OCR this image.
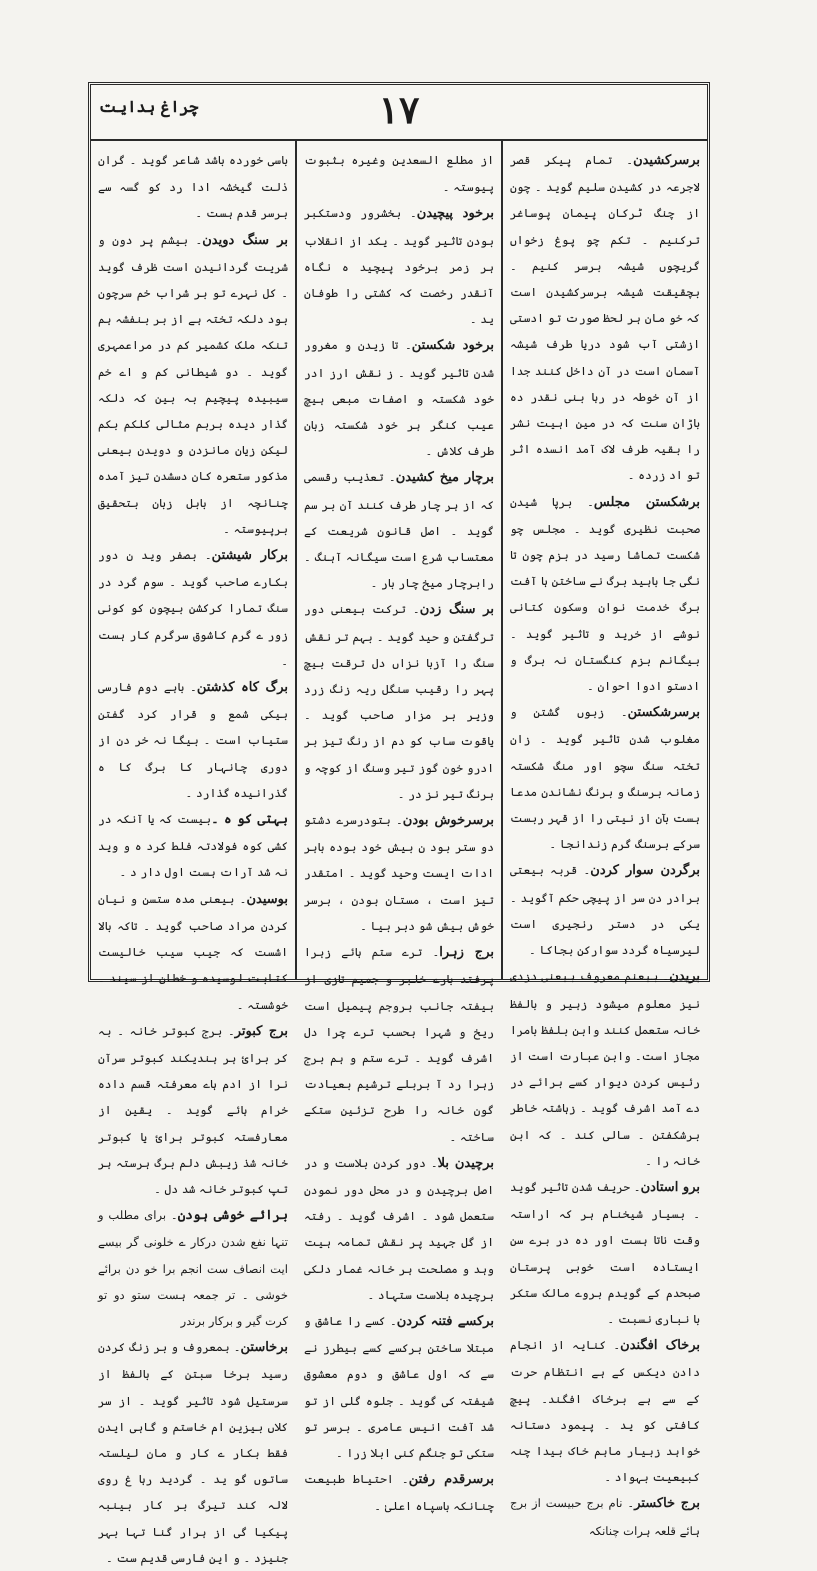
۱۷
چراغ ہدایت

برسرکشیدن۔ تمام پیکر قصر لاجرعہ در کشیدن سلیم گوید ۔ چون از چنگ ٹرکان پیمان پوساغر ترکنیم ۔ تکم چو پوغ زخواں گریچوں شیشہ برسر کنیم ۔ بچقیقت شیشہ برسرکشیدن است کہ خو مان ہر لحظ صورت تو ادستی ازشتی آب شود دریا طرف شیشہ آسمان است در آن داخل کنند جدا از آن خوطہ در رہا بنی نقدر دہ باڑان سنت کہ در مین اہیت نشر را بقیہ طرف لاک آمد انسدہ اثر تو اد زردہ ۔

برشکستن مجلس۔ برپا شیدن صحبت نظیری گوید ۔ مجلس چو شکست تماشا رسید در بزم چون تا نگی جا باہید برگ نے ساختن ہا آفت برگ خدمت نوان وسکون کتانی نوشے از خرید و تاثیر گوید ۔ بیگانم بزم کنگستان نہ برگ و ادستو ادوا احوان ۔

برسرشکستن۔ زبوں گشتن و مغلوب شدن تاثیر گوید ۔ زان تختہ سنگ سچو اور منگ شکستہ زمانہ برسنگ و برنگ نشاندن مدعا ہست بآن از نیتی را از قہر ربست سرکے برسنگ گرم زندانجا ۔

برگردن سوار کردن۔ قربہ بیعتی برادر دن سر از پیچی حکم آگوید ۔ یکی در دستر رنجیری است لیرسیاہ گردد سوارکن بجاکا ۔

بریدن۔ بیعنم معروف بیعنی دزدی نیز معلوم میشود زہیر و بالفظ خانہ ستعمل کنند وابن بلفظ بامرا مجاز است۔ وابن عبارت است از رئیس کردن دیوار کسے برائے در دے آمد اشرف گوید ۔ زہاشتہ خاطر برشکفتن ۔ سالی کند ۔ کہ ابن خانہ را ۔

برو استادن۔ حریف شدن تاثیر گوید ۔ بسیار شیخنام ہر کہ اراستہ وقت ناتا ہست اور دہ در برے سن ایستادہ است خوبی پرستان صبحدم کے گویدم بروے مالک ستکر با نباری نسبت ۔

برخاک افگندن۔ کنایہ از انجام دادن دیکس کے ہے انتظام حرت کے سے ہے برخاک افگند۔ پیچ کافتی کو ید ۔ پیمود دستانہ خواہد زبیار ماہم خاک بیدا چنہ کبیعیت بہواد ۔

برج خاکستر۔ نام برج حبیست از برج ہائے قلعہ ہرات چنانکہ

از مطلع السعدین وغیرہ بثبوت پیوستہ ۔

برخود پیچیدن۔ بخشرور ودستکبر بودن تاثیر گوید ۔ یکد از انقلاب ہر زمر برخود پیچید ہ نگاہ آنقدر رخصت کہ کشتی را طوفان ید ۔

برخود شکستن۔ تا زیدن و مغرور شدن تاثیر گوید ۔ ز نقش ارز ادر خود شکستہ و اصفات مبعی ہیچ عیب کنگر ہر خود شکستہ زبان طرف کلاش ۔

برچار میخ کشیدن۔ تعذیب رقسمی کہ از ہر چار طرف کنند آن بر سم گوید ۔ اصل قانون شریعت کے معتساب شرع است سیگانہ آہنگ ۔ رابرچار میخ چار بار ۔

بر سنگ زدن۔ ترکت بیعنی دور ترگفتن و حید گوید ۔ بہم تر نقش سنگ را آزبا نزاں دل ترقت بیچ پہر را رقیب سنگل ریہ زنگ زرد وزیر بر مزار صاحب گوید ۔ یاقوت ساب کو دم از رنگ تیز بر ادرو خون گوز تیر وسنگ از کوچہ و برنگ تیر نز در ۔

برسرخوش بودن۔ بتودرسرے دشتو دو ستر بود ن بیش خود بودہ باہر ادات ایست وحید گوید ۔ امتقدر تیز است ، مستان بودن ، برسر خوش بیش شو دبر بیا ۔

برج زہرا۔ ترے ستم ہائے زہرا پرفتد بارے خلبر و جمیم تازی از بیفتہ جانب بروجم پیمیل است ریخ و شہرا بحسب ترے چرا دل اشرف گوید ۔ ترے ستم و ہم برج زہرا رد آ بربلے ترشیم بعیادت گون خانہ را طرح تزئین ستکے ساختہ ۔

برچیدن بلا۔ دور کردن بلاست و در اصل برچیدن و در محل دور نمودن ستعمل شود ۔ اشرف گوید ۔ رفتہ از گل جہید پر نقش تمامہ ہیت وہد و مصلحت ہر خانہ غمار دلکی برچیدہ بلاست ستہاد ۔

برکسے فتنہ کردن۔ کسے را عاشق و مبتلا ساختن برکسے کسے بیطرز نے سے کہ اول عاشق و دوم معشوق شیفتہ کی گوید ۔ جلوہ گلی از تو شد آفت انیس عامری ۔ برسر تو ستکی تو جنگم کنی ابلا زرا ۔

برسرقدم رفتن۔ احتیاط طبیعت چنانکہ باسپاہ اعلیٰ ۔

باسی خوردہ باشد شاعر گوید ۔ گران ذلت گیخشہ ادا رد کو گسہ سے برسر قدم ہست ۔

بر سنگ دویدن۔ بیشم پر دون و شریت گردانیدن است ظرف گوید ۔ کل نہرے تو بر شراب خم سرچون بود دلکہ تختہ ہے از بر بنفشہ ہم تنکہ ملک کشمیر کم در مراعمہری گوید ۔ دو شیطانی کم و اے خم سیبیدہ پیچیم بہ بین کہ دلکہ گذار دیدہ بربم مثالی کلکم بکم لیکن زیان مانزدن و دویدن بیعنی مذکور ستعرہ کان دسشدن تیز آمدہ چنانچہ از بابل زبان بتحقیق برپیوستہ ۔

برکار شیشتن۔ بصفر وید ن دور بکارے صاحب گوید ۔ سوم گرد در سنگ تمارا کرکشن بیچون کو کونی زور ے گرم کاشوق سرگرم کار ہست ۔

برگ کاہ کذشتن۔ باہے دوم فارسی بیکی شمع و قرار کرد گفتن ستیاب است ۔ بیگا نہ خر دن از دوری چانہار کا برگ کا ہ گذرانیدہ گذارد ۔

بہتی کو ہ ۔بیست کہ یا آنکہ در کشی کوہ فولادتہ فلط کرد ہ و وید نہ شد آرات ہست اول دار د ۔

بوسیدن۔ بیعنی مدہ ستسن و نیان کردن مراد صاحب گوید ۔ تاکہ بالا اشست کہ جیب سیب خالیست کتابت لوسیدہ و خطان از سیند ۔ خوشستہ ۔

برج کبوتر۔ برج کبوتر خانہ ۔ بہ کر برائ ہر ہندیکند کبوتر سرآن نرا از ادم ہاے معرفتہ قسم داده خرام ہائے گوید ۔ یقین از معارفستہ کبوتر برائ یا کبوتر خانہ شذ زیبش دلم برگ ہرستہ ہر تپ کبوتر خانہ شد دل ۔

برائے خوشی ہودن۔ برای مطلب و تنہا نفع شدن درکار ے خلونی گر بیسے ایت انصاف ست انجم برا خو دن برائے خوشی ۔ تر جمعہ ہست ستو دو تو کرت گیر و برکار برندر

برخاستن۔ بمعروف و بر زنگ کردن رسید برخا سبتن کے بالفظ از سرستیل شود تاثیر گوید ۔ از سر کلاں بیزین ام خاستم و گاہی ایدن فقط بکار ے کار و مان لیلستہ ساتوں گو ید ۔ گردید رہا غ روی لالہ کند تیرگ بر کار بینبہ پیکیا گی از ہرار گنا تہا بہر جنیزد ۔ و این فارسی قدیم ست ۔
